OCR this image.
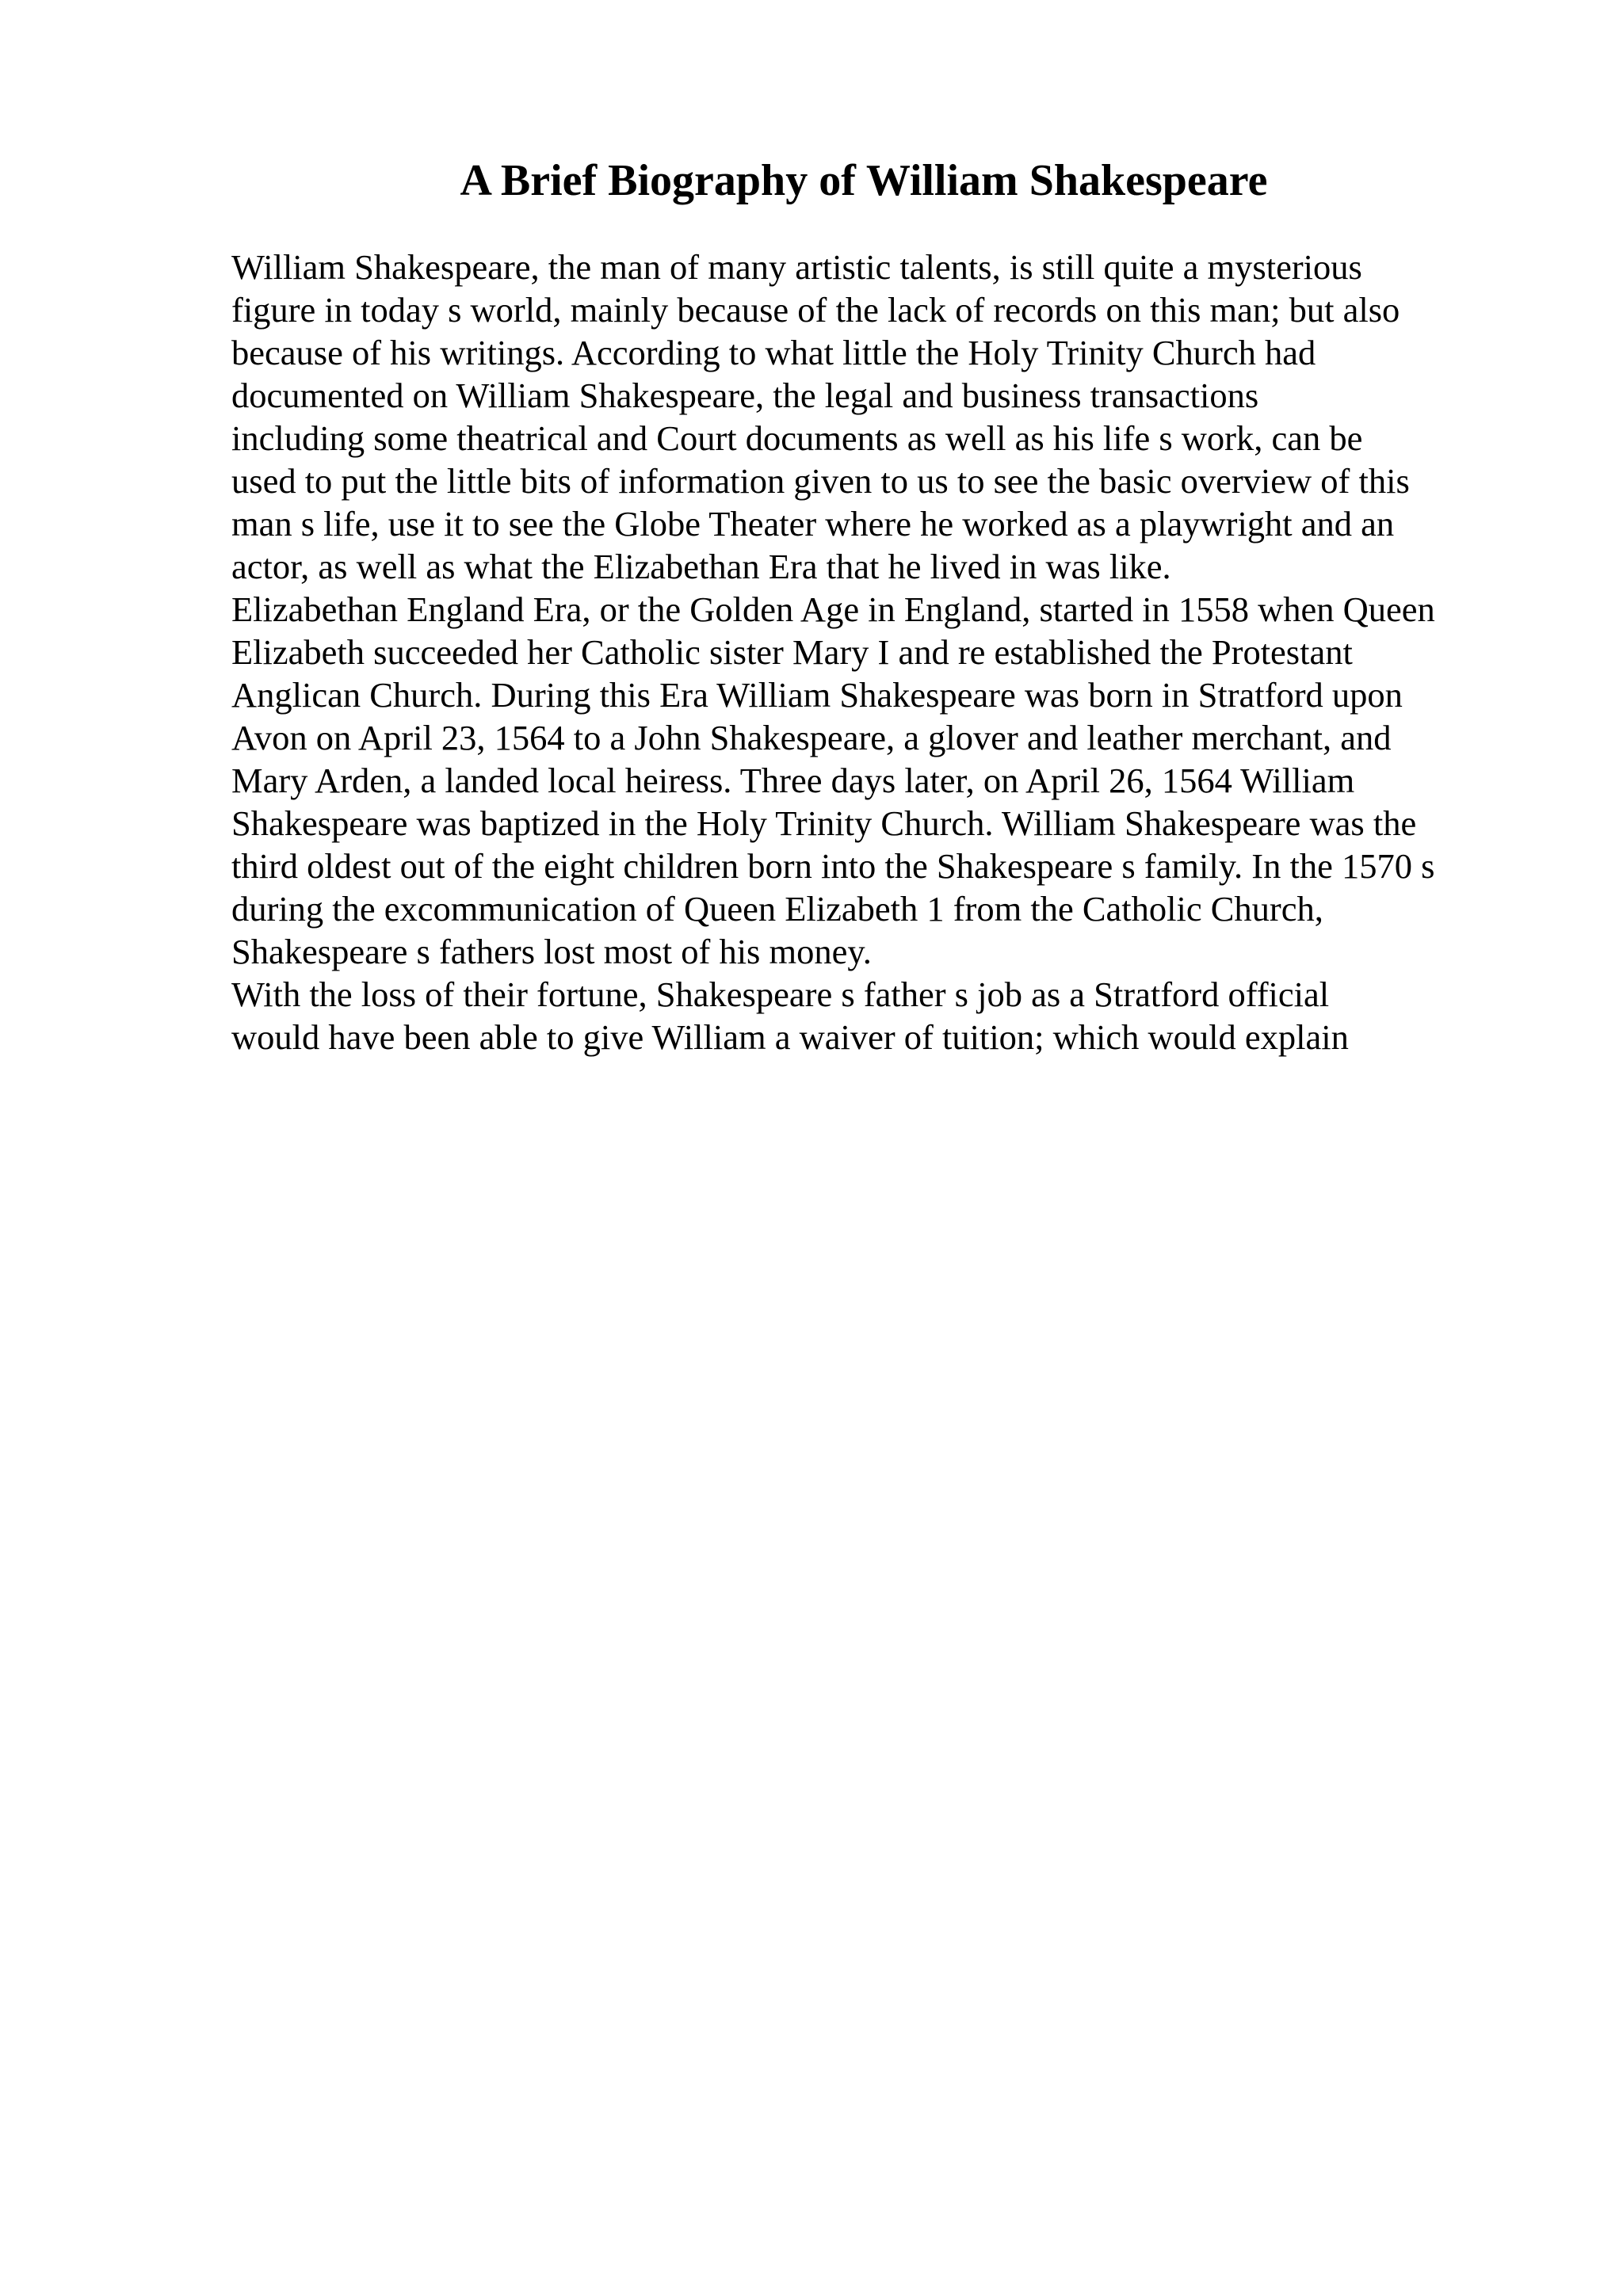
A Brief Biography of William Shakespeare
William Shakespeare, the man of many artistic talents, is still quite a mysterious
figure in today s world, mainly because of the lack of records on this man; but also
because of his writings. According to what little the Holy Trinity Church had
documented on William Shakespeare, the legal and business transactions
including some theatrical and Court documents as well as his life s work, can be
used to put the little bits of information given to us to see the basic overview of this
man s life, use it to see the Globe Theater where he worked as a playwright and an
actor, as well as what the Elizabethan Era that he lived in was like.
Elizabethan England Era, or the Golden Age in England, started in 1558 when Queen
Elizabeth succeeded her Catholic sister Mary I and re established the Protestant
Anglican Church. During this Era William Shakespeare was born in Stratford upon
Avon on April 23, 1564 to a John Shakespeare, a glover and leather merchant, and
Mary Arden, a landed local heiress. Three days later, on April 26, 1564 William
Shakespeare was baptized in the Holy Trinity Church. William Shakespeare was the
third oldest out of the eight children born into the Shakespeare s family. In the 1570 s
during the excommunication of Queen Elizabeth 1 from the Catholic Church,
Shakespeare s fathers lost most of his money.
With the loss of their fortune, Shakespeare s father s job as a Stratford official
would have been able to give William a waiver of tuition; which would explain
